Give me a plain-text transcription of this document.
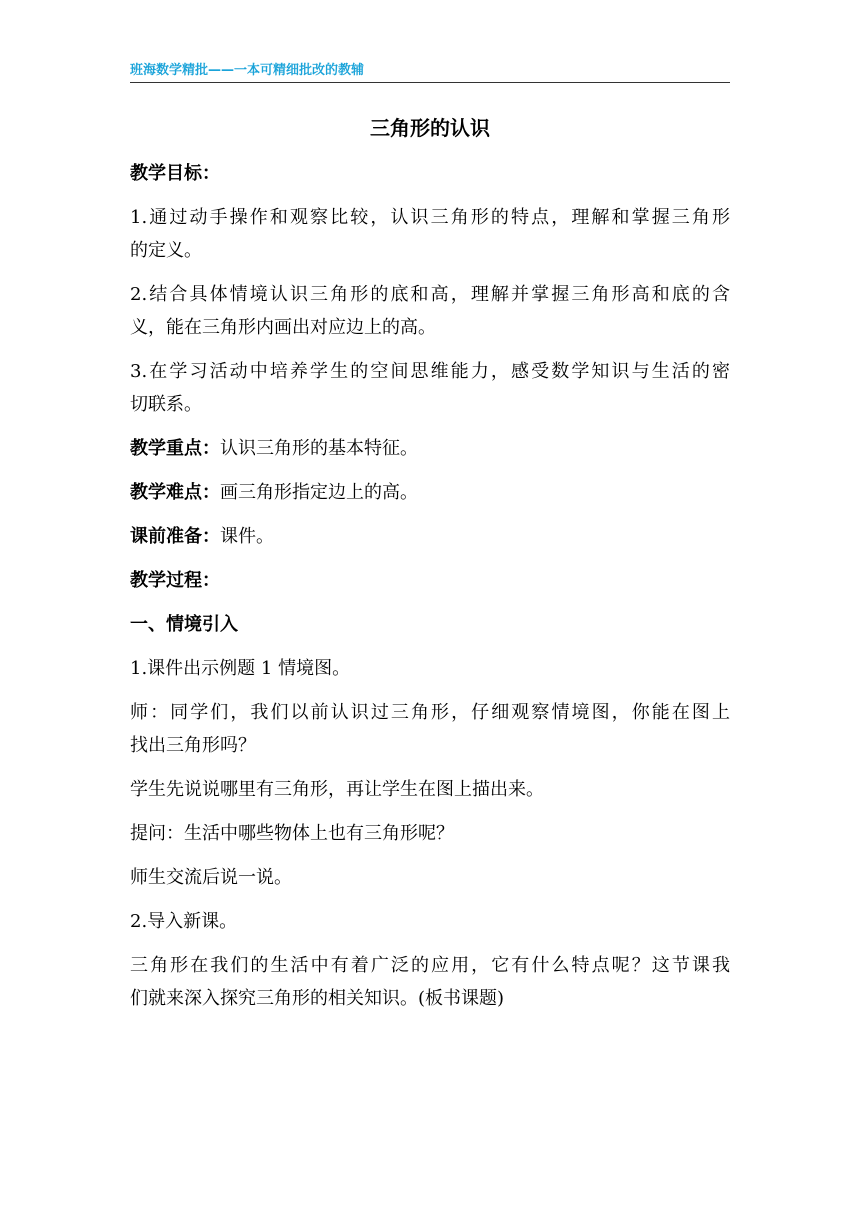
班海数学精批——一本可精细批改的教辅
三角形的认识

教学目标：

1.通过动手操作和观察比较，认识三角形的特点，理解和掌握三角形

的定义。

2.结合具体情境认识三角形的底和高，理解并掌握三角形高和底的含

义，能在三角形内画出对应边上的高。

3.在学习活动中培养学生的空间思维能力，感受数学知识与生活的密

切联系。

教学重点：认识三角形的基本特征。

教学难点：画三角形指定边上的高。

课前准备：课件。

教学过程：

一、情境引入

1.课件出示例题 1 情境图。

师：同学们，我们以前认识过三角形，仔细观察情境图，你能在图上

找出三角形吗？

学生先说说哪里有三角形，再让学生在图上描出来。

提问：生活中哪些物体上也有三角形呢？

师生交流后说一说。

2.导入新课。

三角形在我们的生活中有着广泛的应用，它有什么特点呢？这节课我

们就来深入探究三角形的相关知识。(板书课题)
